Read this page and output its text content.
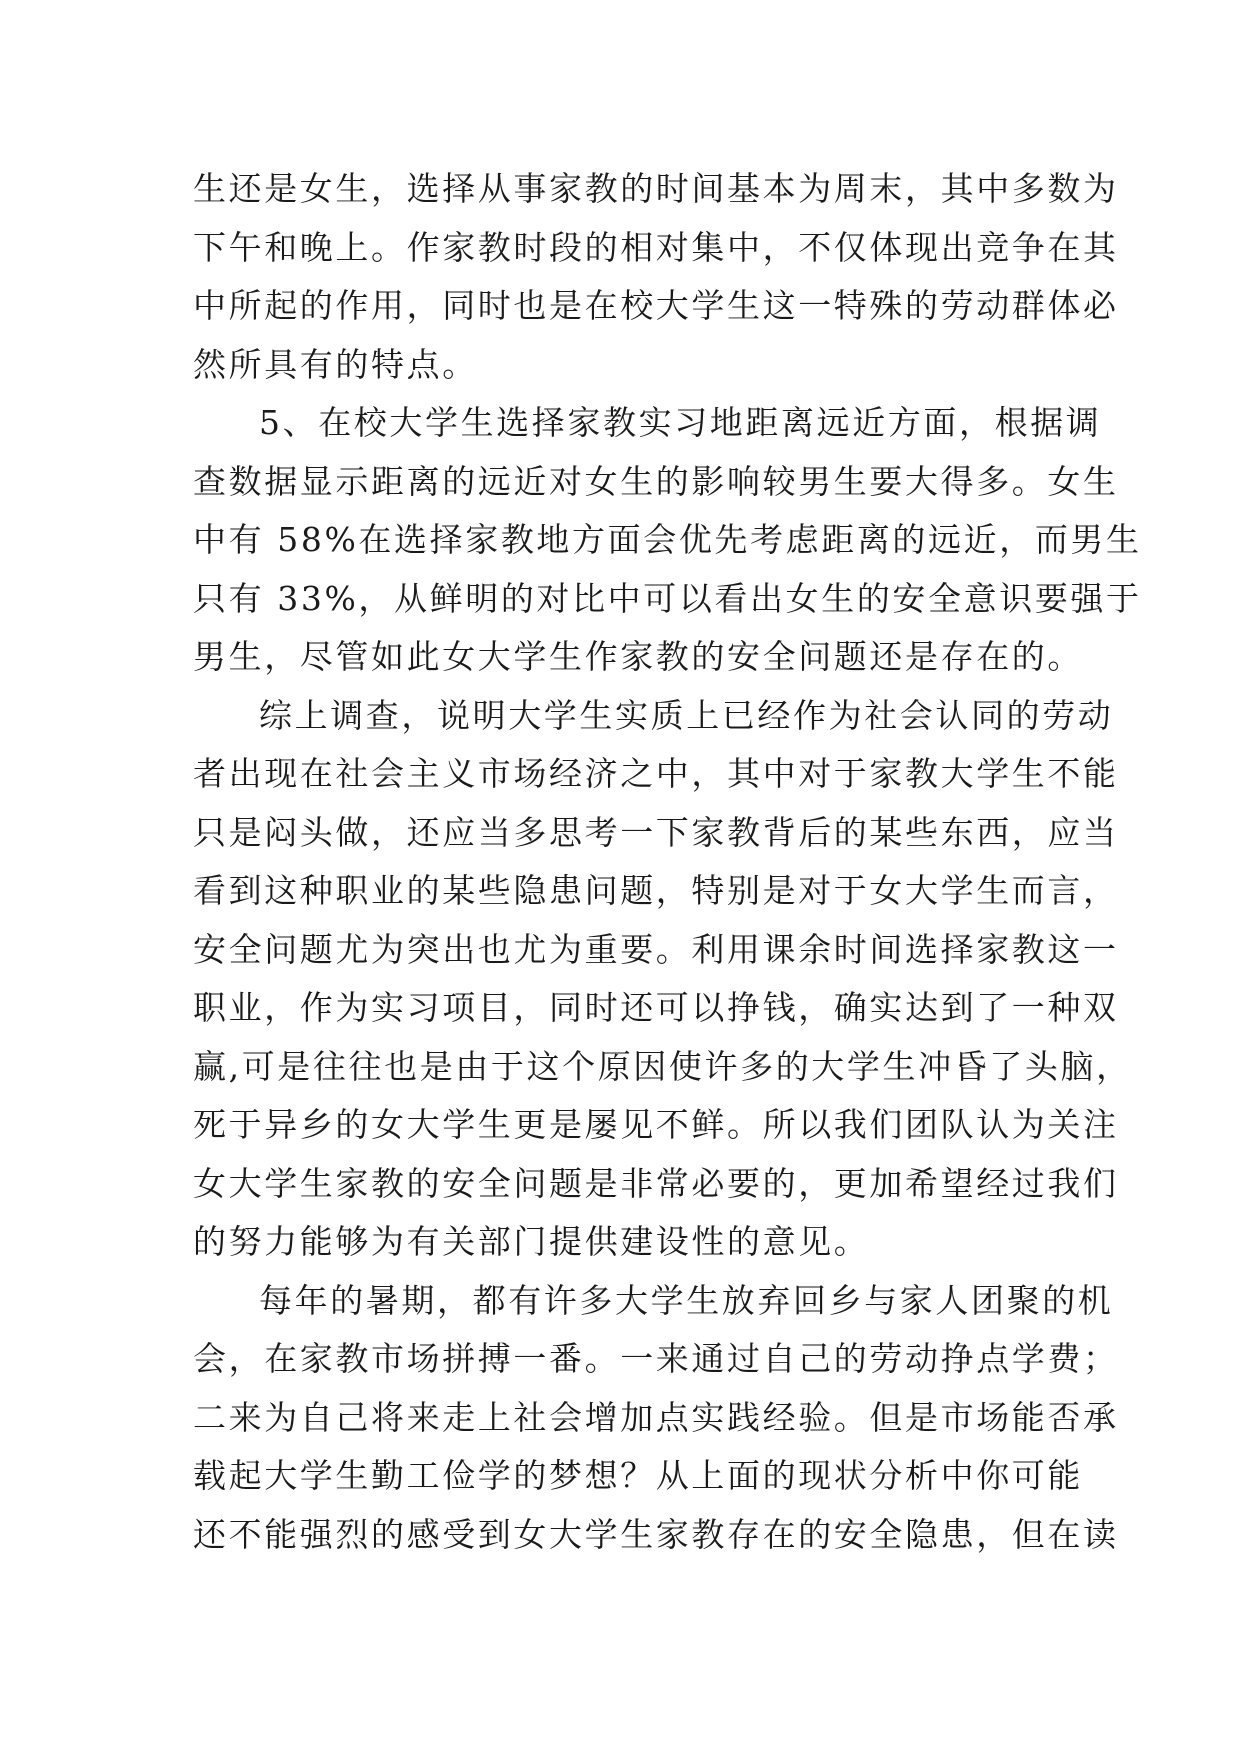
生还是女生，选择从事家教的时间基本为周末，其中多数为
下午和晚上。作家教时段的相对集中，不仅体现出竞争在其
中所起的作用，同时也是在校大学生这一特殊的劳动群体必
然所具有的特点。
5、在校大学生选择家教实习地距离远近方面，根据调
查数据显示距离的远近对女生的影响较男生要大得多。女生
中有 58%在选择家教地方面会优先考虑距离的远近，而男生
只有 33%，从鲜明的对比中可以看出女生的安全意识要强于
男生，尽管如此女大学生作家教的安全问题还是存在的。
综上调查，说明大学生实质上已经作为社会认同的劳动
者出现在社会主义市场经济之中，其中对于家教大学生不能
只是闷头做，还应当多思考一下家教背后的某些东西，应当
看到这种职业的某些隐患问题，特别是对于女大学生而言，
安全问题尤为突出也尤为重要。利用课余时间选择家教这一
职业，作为实习项目，同时还可以挣钱，确实达到了一种双
赢,可是往往也是由于这个原因使许多的大学生冲昏了头脑，
死于异乡的女大学生更是屡见不鲜。所以我们团队认为关注
女大学生家教的安全问题是非常必要的，更加希望经过我们
的努力能够为有关部门提供建设性的意见。
每年的暑期，都有许多大学生放弃回乡与家人团聚的机
会，在家教市场拼搏一番。一来通过自己的劳动挣点学费；
二来为自己将来走上社会增加点实践经验。但是市场能否承
载起大学生勤工俭学的梦想？从上面的现状分析中你可能
还不能强烈的感受到女大学生家教存在的安全隐患，但在读
